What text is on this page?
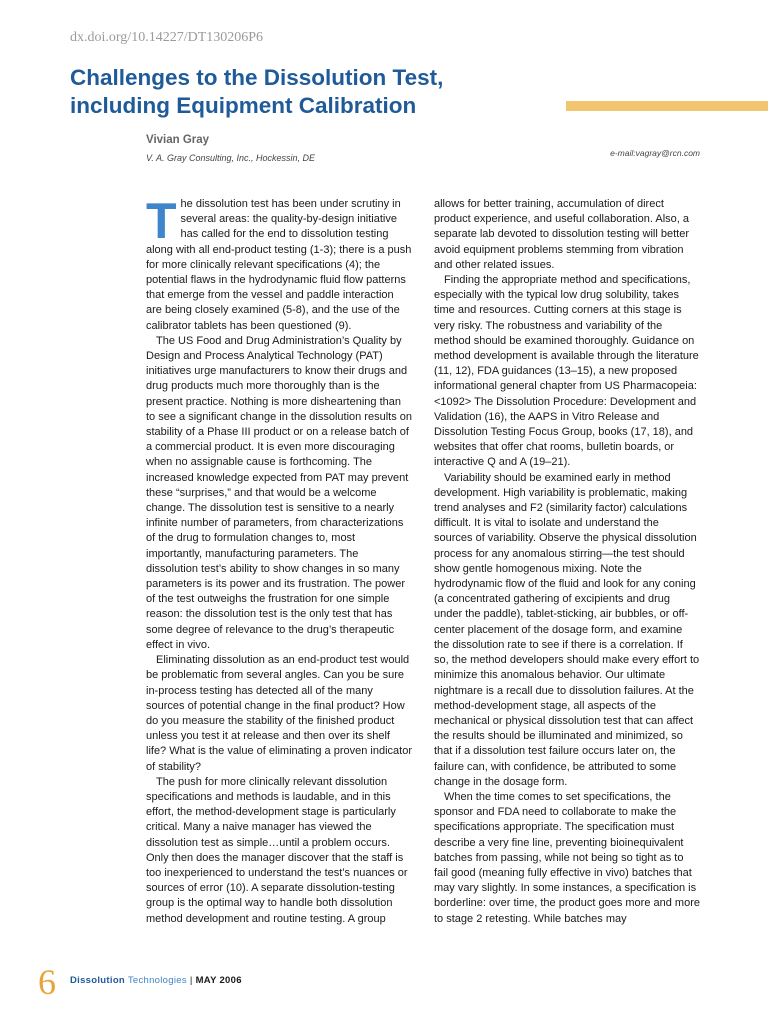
dx.doi.org/10.14227/DT130206P6
Challenges to the Dissolution Test,
including Equipment Calibration
Vivian Gray
V. A. Gray Consulting, Inc., Hockessin, DE	e-mail:vagray@rcn.com

The dissolution test has been under scrutiny in several areas: the quality-by-design initiative has called for the end to dissolution testing along with all end-product testing (1-3); there is a push for more clinically relevant specifications (4); the potential flaws in the hydrodynamic fluid flow patterns that emerge from the vessel and paddle interaction are being closely examined (5-8), and the use of the calibrator tablets has been questioned (9).

The US Food and Drug Administration’s Quality by Design and Process Analytical Technology (PAT) initiatives urge manufacturers to know their drugs and drug products much more thoroughly than is the present practice. Nothing is more disheartening than to see a significant change in the dissolution results on stability of a Phase III product or on a release batch of a commercial product. It is even more discouraging when no assignable cause is forthcoming. The increased knowledge expected from PAT may prevent these “surprises,” and that would be a welcome change. The dissolution test is sensitive to a nearly infinite number of parameters, from characterizations of the drug to formulation changes to, most importantly, manufacturing parameters. The dissolution test’s ability to show changes in so many parameters is its power and its frustration. The power of the test outweighs the frustration for one simple reason: the dissolution test is the only test that has some degree of relevance to the drug’s therapeutic effect in vivo.

Eliminating dissolution as an end-product test would be problematic from several angles. Can you be sure in-process testing has detected all of the many sources of potential change in the final product? How do you measure the stability of the finished product unless you test it at release and then over its shelf life? What is the value of eliminating a proven indicator of stability?

The push for more clinically relevant dissolution specifications and methods is laudable, and in this effort, the method-development stage is particularly critical. Many a naive manager has viewed the dissolution test as simple…until a problem occurs. Only then does the manager discover that the staff is too inexperienced to understand the test’s nuances or sources of error (10). A separate dissolution-testing group is the optimal way to handle both dissolution method development and routine testing. A group

allows for better training, accumulation of direct product experience, and useful collaboration. Also, a separate lab devoted to dissolution testing will better avoid equipment problems stemming from vibration and other related issues.

Finding the appropriate method and specifications, especially with the typical low drug solubility, takes time and resources. Cutting corners at this stage is very risky. The robustness and variability of the method should be examined thoroughly. Guidance on method development is available through the literature (11, 12), FDA guidances (13–15), a new proposed informational general chapter from US Pharmacopeia: <1092> The Dissolution Procedure: Development and Validation (16), the AAPS in Vitro Release and Dissolution Testing Focus Group, books (17, 18), and websites that offer chat rooms, bulletin boards, or interactive Q and A (19–21).

Variability should be examined early in method development. High variability is problematic, making trend analyses and F2 (similarity factor) calculations difficult. It is vital to isolate and understand the sources of variability. Observe the physical dissolution process for any anomalous stirring—the test should show gentle homogenous mixing. Note the hydrodynamic flow of the fluid and look for any coning (a concentrated gathering of excipients and drug under the paddle), tablet-sticking, air bubbles, or off-center placement of the dosage form, and examine the dissolution rate to see if there is a correlation. If so, the method developers should make every effort to minimize this anomalous behavior. Our ultimate nightmare is a recall due to dissolution failures. At the method-development stage, all aspects of the mechanical or physical dissolution test that can affect the results should be illuminated and minimized, so that if a dissolution test failure occurs later on, the failure can, with confidence, be attributed to some change in the dosage form.

When the time comes to set specifications, the sponsor and FDA need to collaborate to make the specifications appropriate. The specification must describe a very fine line, preventing bioinequivalent batches from passing, while not being so tight as to fail good (meaning fully effective in vivo) batches that may vary slightly. In some instances, a specification is borderline: over time, the product goes more and more to stage 2 retesting. While batches may

6 Dissolution Technologies | MAY 2006
